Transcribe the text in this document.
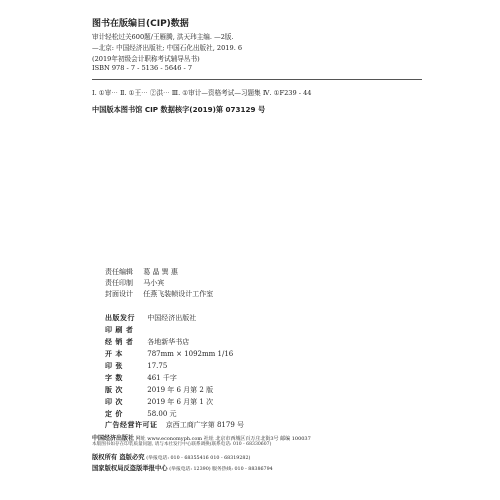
图书在版编目(CIP)数据
审计轻松过关600题/王雁腾, 洪天玮主编. —2版.
—北京: 中国经济出版社; 中国石化出版社, 2019. 6
(2019年初级会计职称考试辅导丛书)
ISBN 978 - 7 - 5136 - 5646 - 7
Ⅰ. ①审⋯ Ⅱ. ①王⋯ ②洪⋯ Ⅲ. ①审计—资格考试—习题集 Ⅳ. ①F239 - 44
中国版本图书馆 CIP 数据核字(2019)第 073129 号
责任编辑 葛 晶 巽 惠
责任印制 马小宾
封面设计 任燕飞装帧设计工作室
出版发行 中国经济出版社
印 刷 者
经 销 者 各地新华书店
开 本	787mm × 1092mm 1/16
印 张	17.75
字 数	461 千字
版 次	2019 年 6 月第 2 版
印 次	2019 年 6 月第 1 次
定 价	58.00 元
广告经营许可证 京西工商广字第 8179 号
中国经济出版社 网址 www.economyph.com 社址 北京市西城区百万庄北街3号 邮编 100037
本版图书如存在印装质量问题, 请与本社发行中心联系调换(联系电话: 010 - 68330607)
版权所有 盗版必究 (举报电话: 010 - 68355416 010 - 68319282)
国家版权局反盗版举报中心 (举报电话: 12390) 服务热线: 010 - 88386794
